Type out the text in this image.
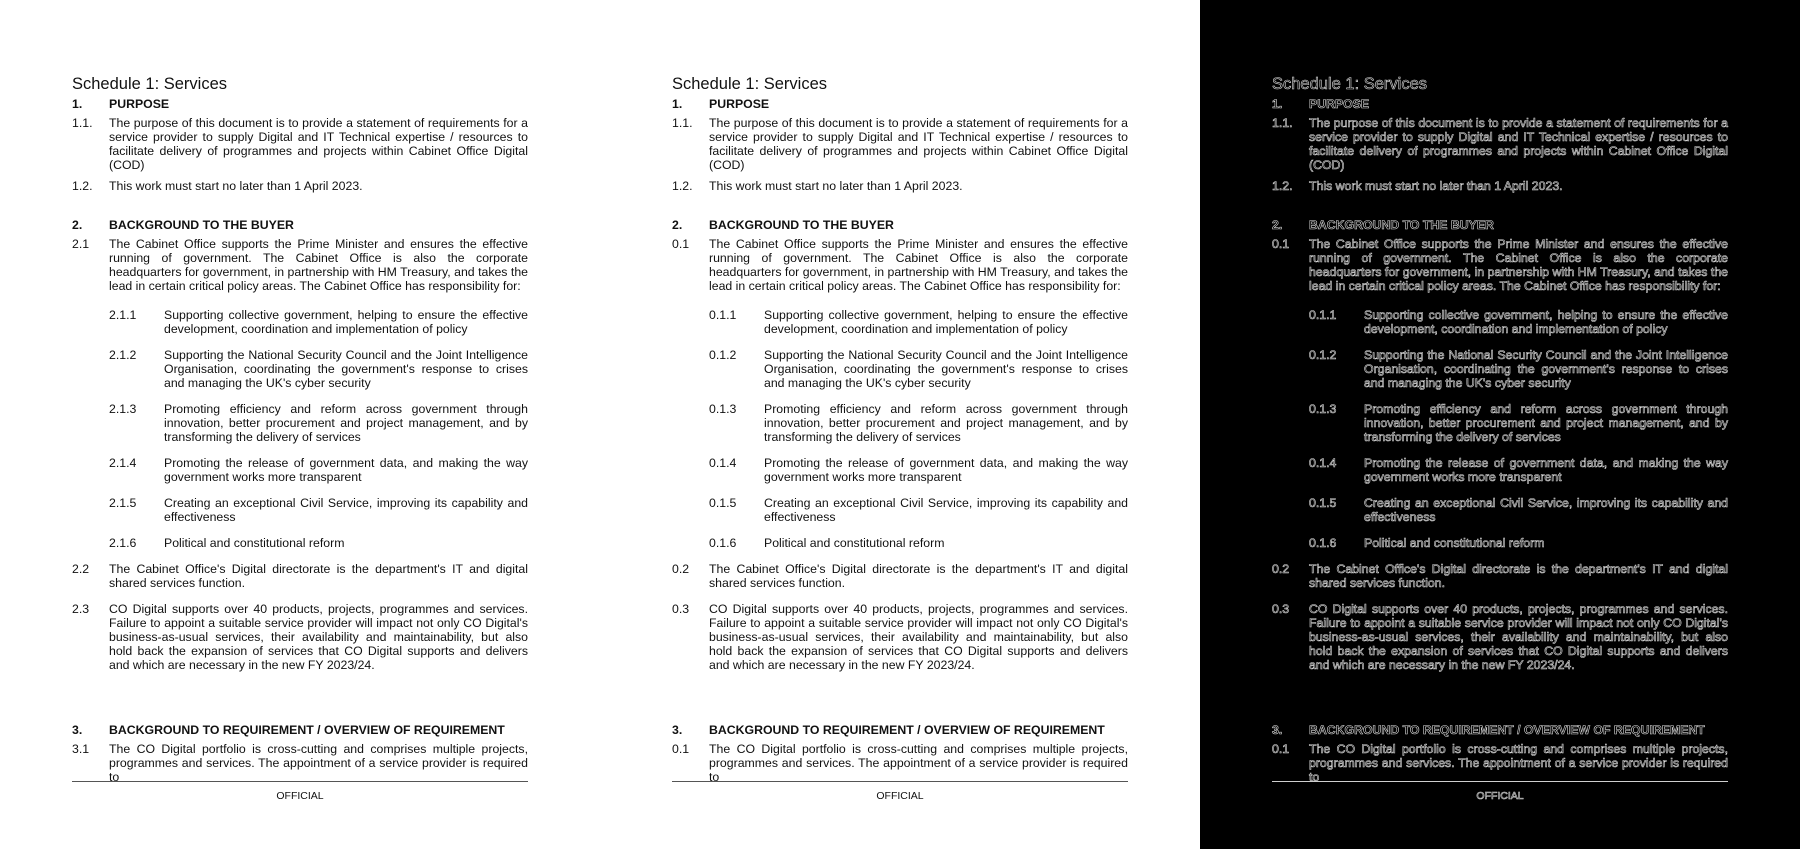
Schedule 1: Services
1. PURPOSE
1.1. The purpose of this document is to provide a statement of requirements for a service provider to supply Digital and IT Technical expertise / resources to facilitate delivery of programmes and projects within Cabinet Office Digital (COD)
1.2. This work must start no later than 1 April 2023.
2. BACKGROUND TO THE BUYER
2.1 The Cabinet Office supports the Prime Minister and ensures the effective running of government. The Cabinet Office is also the corporate headquarters for government, in partnership with HM Treasury, and takes the lead in certain critical policy areas. The Cabinet Office has responsibility for:
2.1.1 Supporting collective government, helping to ensure the effective development, coordination and implementation of policy
2.1.2 Supporting the National Security Council and the Joint Intelligence Organisation, coordinating the government's response to crises and managing the UK's cyber security
2.1.3 Promoting efficiency and reform across government through innovation, better procurement and project management, and by transforming the delivery of services
2.1.4 Promoting the release of government data, and making the way government works more transparent
2.1.5 Creating an exceptional Civil Service, improving its capability and effectiveness
2.1.6 Political and constitutional reform
2.2 The Cabinet Office's Digital directorate is the department's IT and digital shared services function.
2.3 CO Digital supports over 40 products, projects, programmes and services. Failure to appoint a suitable service provider will impact not only CO Digital's business-as-usual services, their availability and maintainability, but also hold back the expansion of services that CO Digital supports and delivers and which are necessary in the new FY 2023/24.
3. BACKGROUND TO REQUIREMENT / OVERVIEW OF REQUIREMENT
3.1 The CO Digital portfolio is cross-cutting and comprises multiple projects, programmes and services. The appointment of a service provider is required to
OFFICIAL
Schedule 1: Services
1. PURPOSE
1.1. The purpose of this document is to provide a statement of requirements for a service provider to supply Digital and IT Technical expertise / resources to facilitate delivery of programmes and projects within Cabinet Office Digital (COD)
1.2. This work must start no later than 1 April 2023.
2. BACKGROUND TO THE BUYER
0.1 The Cabinet Office supports the Prime Minister and ensures the effective running of government. The Cabinet Office is also the corporate headquarters for government, in partnership with HM Treasury, and takes the lead in certain critical policy areas. The Cabinet Office has responsibility for:
0.1.1 Supporting collective government, helping to ensure the effective development, coordination and implementation of policy
0.1.2 Supporting the National Security Council and the Joint Intelligence Organisation, coordinating the government's response to crises and managing the UK's cyber security
0.1.3 Promoting efficiency and reform across government through innovation, better procurement and project management, and by transforming the delivery of services
0.1.4 Promoting the release of government data, and making the way government works more transparent
0.1.5 Creating an exceptional Civil Service, improving its capability and effectiveness
0.1.6 Political and constitutional reform
0.2 The Cabinet Office's Digital directorate is the department's IT and digital shared services function.
0.3 CO Digital supports over 40 products, projects, programmes and services. Failure to appoint a suitable service provider will impact not only CO Digital's business-as-usual services, their availability and maintainability, but also hold back the expansion of services that CO Digital supports and delivers and which are necessary in the new FY 2023/24.
3. BACKGROUND TO REQUIREMENT / OVERVIEW OF REQUIREMENT
0.1 The CO Digital portfolio is cross-cutting and comprises multiple projects, programmes and services. The appointment of a service provider is required to
OFFICIAL
Schedule 1: Services
1. PURPOSE
1.1. The purpose of this document is to provide a statement of requirements for a service provider to supply Digital and IT Technical expertise / resources to facilitate delivery of programmes and projects within Cabinet Office Digital (COD)
1.2. This work must start no later than 1 April 2023.
2. BACKGROUND TO THE BUYER
0.1 The Cabinet Office supports the Prime Minister and ensures the effective running of government. The Cabinet Office is also the corporate headquarters for government, in partnership with HM Treasury, and takes the lead in certain critical policy areas. The Cabinet Office has responsibility for:
0.1.1 Supporting collective government, helping to ensure the effective development, coordination and implementation of policy
0.1.2 Supporting the National Security Council and the Joint Intelligence Organisation, coordinating the government's response to crises and managing the UK's cyber security
0.1.3 Promoting efficiency and reform across government through innovation, better procurement and project management, and by transforming the delivery of services
0.1.4 Promoting the release of government data, and making the way government works more transparent
0.1.5 Creating an exceptional Civil Service, improving its capability and effectiveness
0.1.6 Political and constitutional reform
0.2 The Cabinet Office's Digital directorate is the department's IT and digital shared services function.
0.3 CO Digital supports over 40 products, projects, programmes and services. Failure to appoint a suitable service provider will impact not only CO Digital's business-as-usual services, their availability and maintainability, but also hold back the expansion of services that CO Digital supports and delivers and which are necessary in the new FY 2023/24.
3. BACKGROUND TO REQUIREMENT / OVERVIEW OF REQUIREMENT
0.1 The CO Digital portfolio is cross-cutting and comprises multiple projects, programmes and services. The appointment of a service provider is required to
OFFICIAL
